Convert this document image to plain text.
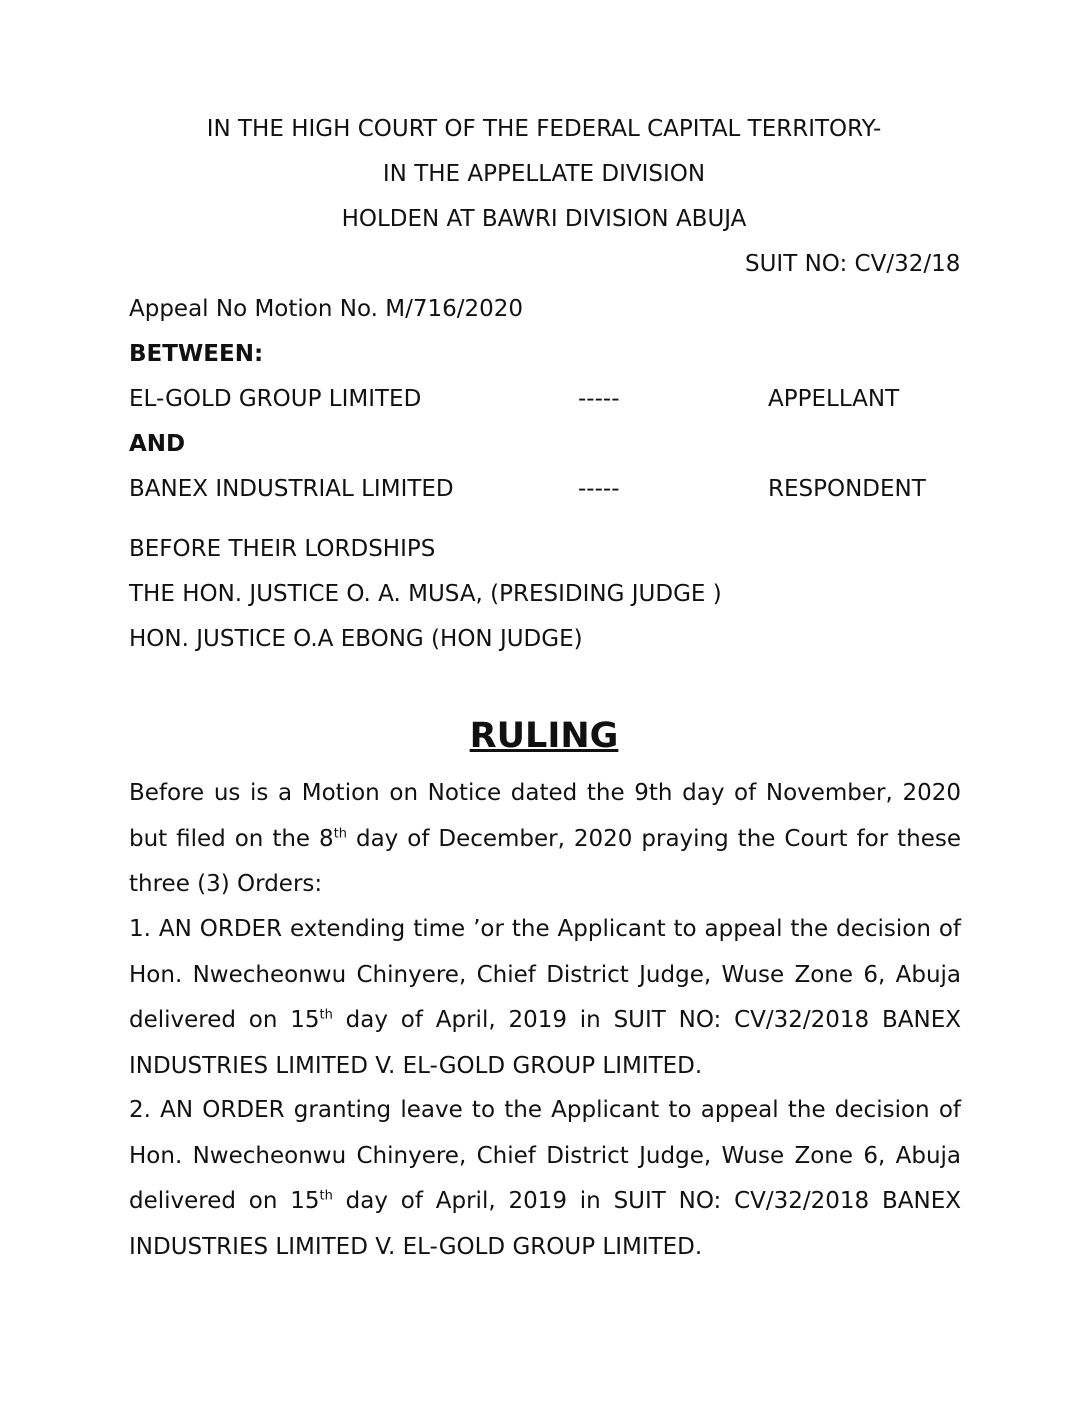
IN THE HIGH COURT OF THE FEDERAL CAPITAL TERRITORY-
IN THE APPELLATE DIVISION
HOLDEN AT BAWRI DIVISION ABUJA
SUIT NO: CV/32/18
Appeal No Motion No. M/716/2020
BETWEEN:
EL-GOLD GROUP LIMITED	-----	APPELLANT
AND
BANEX INDUSTRIAL LIMITED	-----	RESPONDENT
BEFORE THEIR LORDSHIPS
THE HON. JUSTICE O. A. MUSA, (PRESIDING JUDGE )
HON. JUSTICE O.A EBONG (HON JUDGE)
RULING
Before us is a Motion on Notice dated the 9th day of November, 2020 but filed on the 8th day of December, 2020 praying the Court for these three (3) Orders:
1. AN ORDER extending time ’or the Applicant to appeal the decision of Hon. Nwecheonwu Chinyere, Chief District Judge, Wuse Zone 6, Abuja delivered on 15th day of April, 2019 in SUIT NO: CV/32/2018 BANEX INDUSTRIES LIMITED V. EL-GOLD GROUP LIMITED.
2. AN ORDER granting leave to the Applicant to appeal the decision of Hon. Nwecheonwu Chinyere, Chief District Judge, Wuse Zone 6, Abuja delivered on 15th day of April, 2019 in SUIT NO: CV/32/2018 BANEX INDUSTRIES LIMITED V. EL-GOLD GROUP LIMITED.
